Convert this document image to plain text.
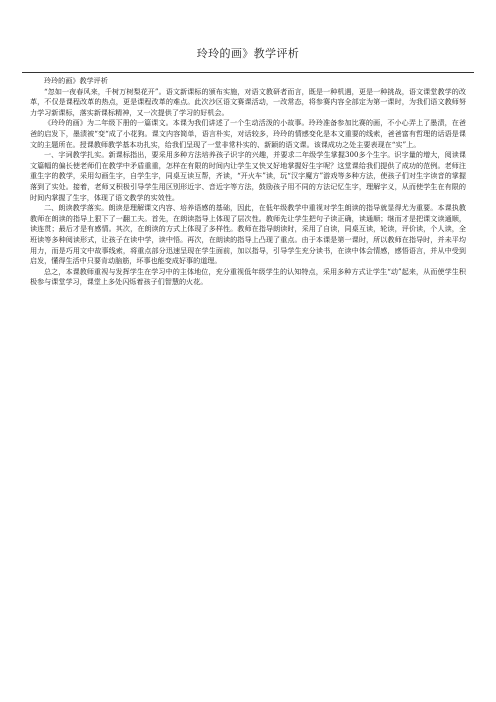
玲玲的画》教学评析

玲玲的画》教学评析

“忽如一夜春风来，千树万树梨花开”。语文新课标的颁布实施，对语文教研者而言，既是一种机遇，更是一种挑战，语文课堂教学的改革，不仅是课程改革的热点，更是课程改革的难点。此次沙区语文赛课活动，一改常态，将参赛内容全部定为第一课时，为我们语文教师努力学习新课标，落实新课标精神，又一次提供了学习的好机会。

《玲玲的画》为二年级下册的一篇课文。本课为我们讲述了一个生动活泼的小故事。玲玲准备参加比赛的画，不小心弄上了墨渍，在爸爸的启发下，墨渍被“变“成了小花狗。课文内容简单，语言朴实，对话较多，玲玲的情感变化是本文重要的线索，爸爸富有哲理的话语是课文的主题所在。授课教师教学基本功扎实，给我们呈现了一堂非常朴实的、新颖的语文课。该课成功之处主要表现在“实”上。

一、字词教学扎实。新课标指出，要采用多种方法培养孩子识字的兴趣，并要求二年级学生掌握300多个生字。识字量的增大，阅读课文篇幅的偏长使老师们在教学中矛盾重重，怎样在有限的时间内让学生又快又好地掌握好生字呢？这堂课给我们提供了成功的范例。老师注重生字的教学，采用勾画生字，自学生字，同桌互读互帮，齐读，“开火车”读，玩“汉字魔方”游戏等多种方法，使孩子们对生字读音的掌握落到了实处。接着，老师又积极引导学生用区别形近字、音近字等方法，鼓励孩子用不同的方法记忆生字，理解字义，从而使学生在有限的时间内掌握了生字，体现了语文教学的实效性。

二、朗读教学落实。朗读是理解课文内容、培养语感的基础，因此，在低年级教学中重视对学生朗读的指导就显得尤为重要。本课执教教师在朗读的指导上狠下了一翻工夫。首先，在朗读指导上体现了层次性。教师先让学生把句子读正确，读通顺；继而才是把课文读通顺，读连贯；最后才是有感情。其次，在朗读的方式上体现了多样性。教师在指导朗读时，采用了自读，同桌互读，轮读，评价读，个人读，全班读等多种阅读形式，让孩子在读中学，读中悟。再次，在朗读的指导上凸现了重点。由于本课是第一课时，所以教师在指导时，并未平均用力，而是巧用文中故事线索，将重点部分迅速呈现在学生面前，加以指导，引导学生充分读书，在读中体会情感，感悟语言，并从中受到启发，懂得生活中只要肯动脑筋，坏事也能变成好事的道理。

总之，本课教师重视与发挥学生在学习中的主体地位，充分重视低年级学生的认知特点，采用多种方式让学生“动”起来，从而使学生积极参与课堂学习，课堂上多处闪烁着孩子们智慧的火花。
